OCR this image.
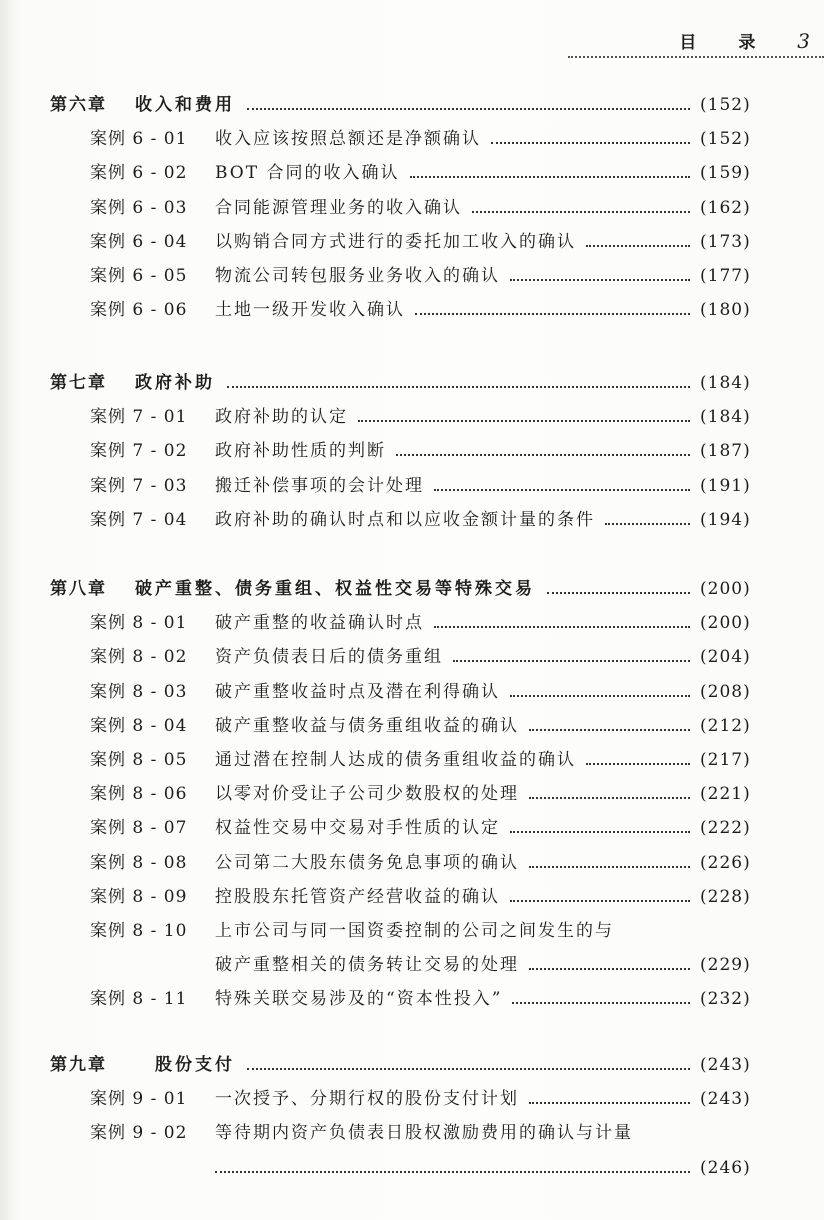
目 录 3
第六章	收入和费用	(152)
案例 6 - 01	收入应该按照总额还是净额确认	(152)
案例 6 - 02	BOT 合同的收入确认	(159)
案例 6 - 03	合同能源管理业务的收入确认	(162)
案例 6 - 04	以购销合同方式进行的委托加工收入的确认	(173)
案例 6 - 05	物流公司转包服务业务收入的确认	(177)
案例 6 - 06	土地一级开发收入确认	(180)
第七章	政府补助	(184)
案例 7 - 01	政府补助的认定	(184)
案例 7 - 02	政府补助性质的判断	(187)
案例 7 - 03	搬迁补偿事项的会计处理	(191)
案例 7 - 04	政府补助的确认时点和以应收金额计量的条件	(194)
第八章	破产重整、债务重组、权益性交易等特殊交易	(200)
案例 8 - 01	破产重整的收益确认时点	(200)
案例 8 - 02	资产负债表日后的债务重组	(204)
案例 8 - 03	破产重整收益时点及潜在利得确认	(208)
案例 8 - 04	破产重整收益与债务重组收益的确认	(212)
案例 8 - 05	通过潜在控制人达成的债务重组收益的确认	(217)
案例 8 - 06	以零对价受让子公司少数股权的处理	(221)
案例 8 - 07	权益性交易中交易对手性质的认定	(222)
案例 8 - 08	公司第二大股东债务免息事项的确认	(226)
案例 8 - 09	控股股东托管资产经营收益的确认	(228)
案例 8 - 10	上市公司与同一国资委控制的公司之间发生的与
破产重整相关的债务转让交易的处理	(229)
案例 8 - 11	特殊关联交易涉及的“资本性投入”	(232)
第九章	股份支付	(243)
案例 9 - 01	一次授予、分期行权的股份支付计划	(243)
案例 9 - 02	等待期内资产负债表日股权激励费用的确认与计量
(246)
